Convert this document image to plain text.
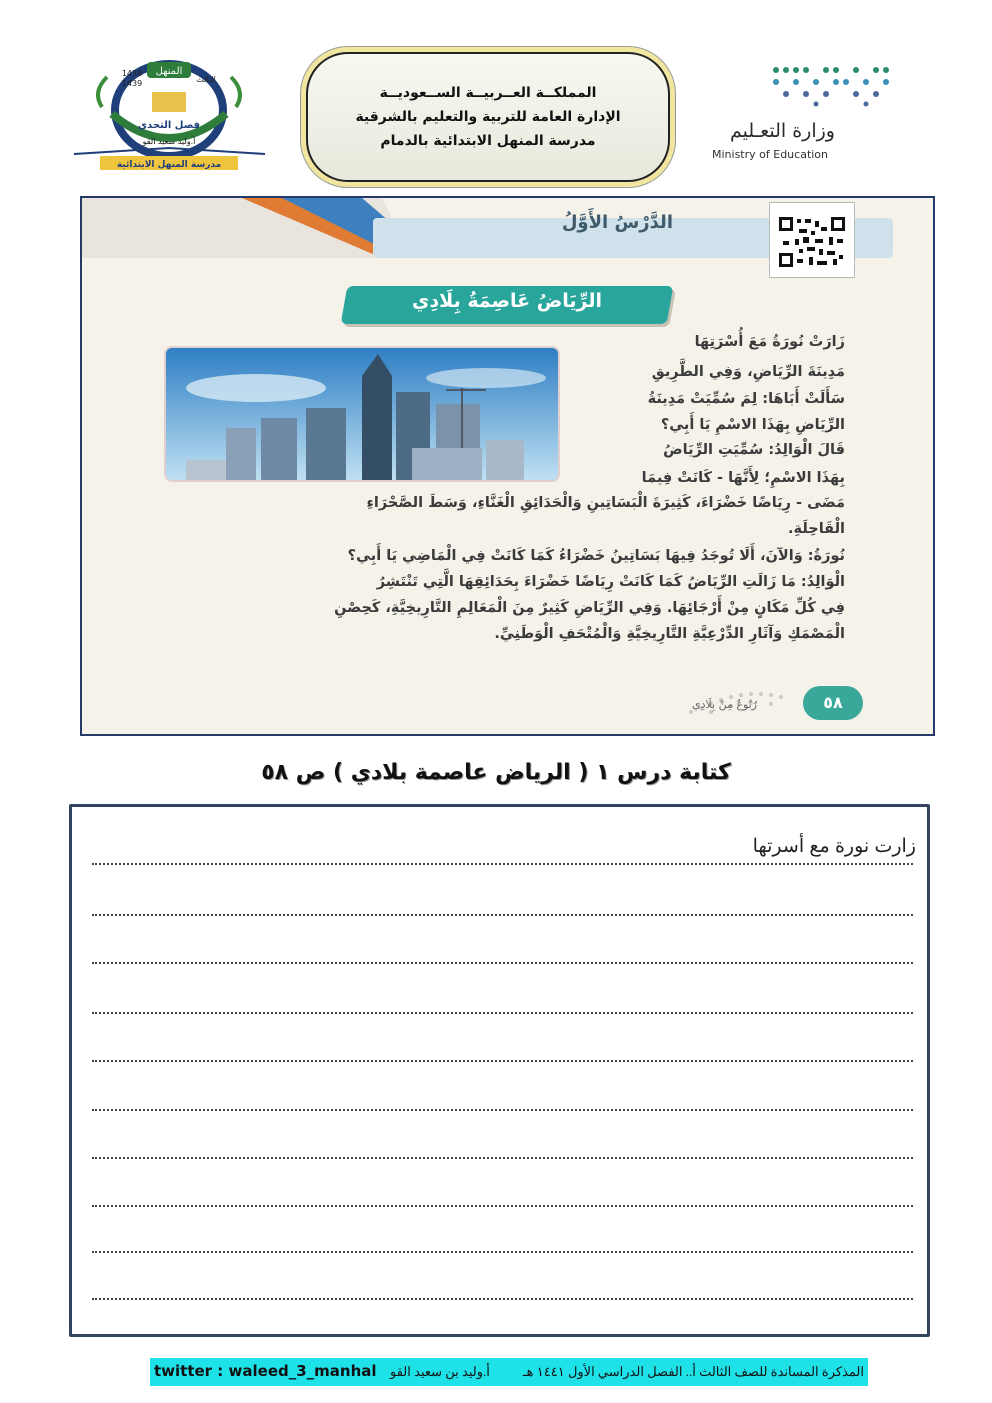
المنهل
1438
1439	الثالث
فصل التحدي
أ.وليد سعيد القو
مدرسة المنهل الابتدائية
المملكــة العــربيــة الســعوديــة
الإدارة العامة للتربية والتعليم بالشرقية
مدرسة المنهل الابتدائية بالدمام	وزارة التعـليم
Ministry of Education
الدَّرْسُ الأَوَّلُ
الرِّيَاضُ عَاصِمَةُ بِلَادِي
زَارَتْ نُورَةُ مَعَ أُسْرَتِهَا
مَدِينَةَ الرِّيَاضِ، وَفِي الطَّرِيقِ
سَأَلَتْ أَبَاهَا: لِمَ سُمِّيَتْ مَدِينَةُ
الرِّيَاضِ بِهَذَا الاسْمِ يَا أَبِي؟
قَالَ الْوَالِدُ: سُمِّيَتِ الرِّيَاضُ
بِهَذَا الاسْمِ؛ لِأَنَّهَا - كَانَتْ فِيمَا
مَضَى - رِيَاضًا خَضْرَاءَ، كَثِيرَةَ الْبَسَاتِينِ وَالْحَدَائِقِ الْغَنَّاءِ، وَسَطَ الصَّحْرَاءِ
الْقَاحِلَةِ.
نُورَةُ: وَالآنَ، أَلَا تُوجَدُ فِيهَا بَسَاتِينُ خَضْرَاءُ كَمَا كَانَتْ فِي الْمَاضِي يَا أَبِي؟
الْوَالِدُ: مَا زَالَتِ الرِّيَاضُ كَمَا كَانَتْ رِيَاضًا خَضْرَاءَ بِحَدَائِقِهَا الَّتِي تَنْتَشِرُ
فِي كُلِّ مَكَانٍ مِنْ أَرْجَائِهَا. وَفِي الرِّيَاضِ كَثِيرٌ مِنَ الْمَعَالِمِ التَّارِيخِيَّةِ، كَحِصْنِ
الْمَصْمَكِ وَآثَارِ الدِّرْعِيَّةِ التَّارِيخِيَّةِ وَالْمُتْحَفِ الْوَطَنِيِّ.
رُبُوعٌ مِنْ بِلَادِي	٥٨
كتابة درس ١ ( الرياض عاصمة بلادي ) ص ٥٨
زارت نورة مع أسرتها
twitter : waleed_3_manhal أ.وليد بن سعيد القو	المذكرة المساندة للصف الثالث أ.. الفصل الدراسي الأول ١٤٤١ هـ
